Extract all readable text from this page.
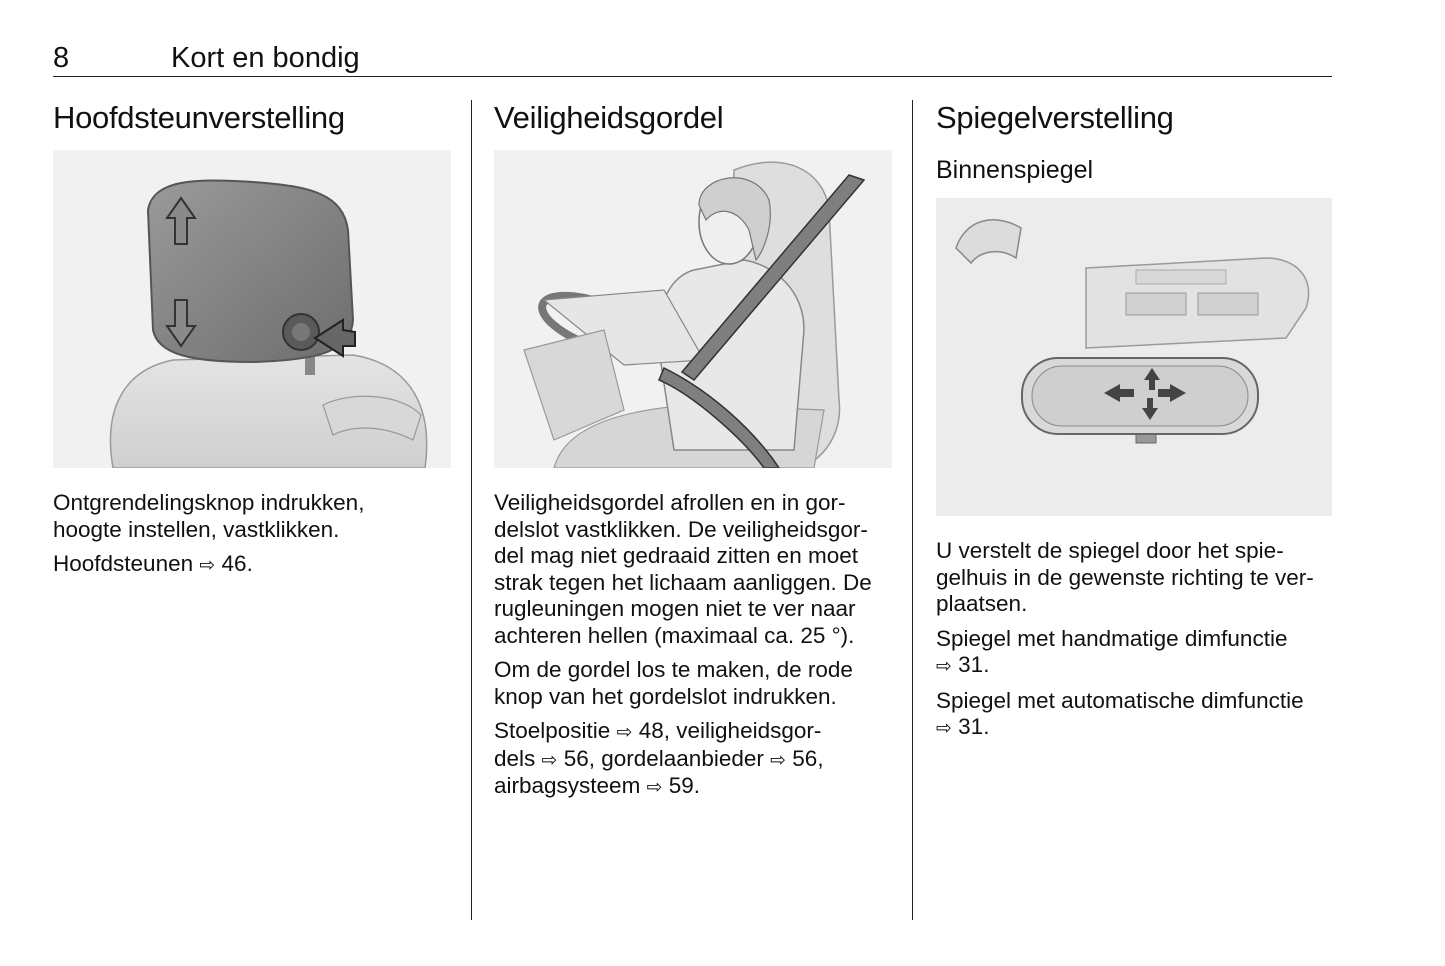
8	Kort en bondig
Hoofdsteunverstelling

Ontgrendelingsknop indrukken,
hoogte instellen, vastklikken.

Hoofdsteunen ⇨ 46.

Veiligheidsgordel

Veiligheidsgordel afrollen en in gor-
delslot vastklikken. De veiligheidsgor-
del mag niet gedraaid zitten en moet
strak tegen het lichaam aanliggen. De
rugleuningen mogen niet te ver naar
achteren hellen (maximaal ca. 25 °).

Om de gordel los te maken, de rode
knop van het gordelslot indrukken.

Stoelpositie ⇨ 48, veiligheidsgor-
dels ⇨ 56, gordelaanbieder ⇨ 56,
airbagsysteem ⇨ 59.

Spiegelverstelling
Binnenspiegel

U verstelt de spiegel door het spie-
gelhuis in de gewenste richting te ver-
plaatsen.

Spiegel met handmatige dimfunctie
⇨ 31.

Spiegel met automatische dimfunctie
⇨ 31.
